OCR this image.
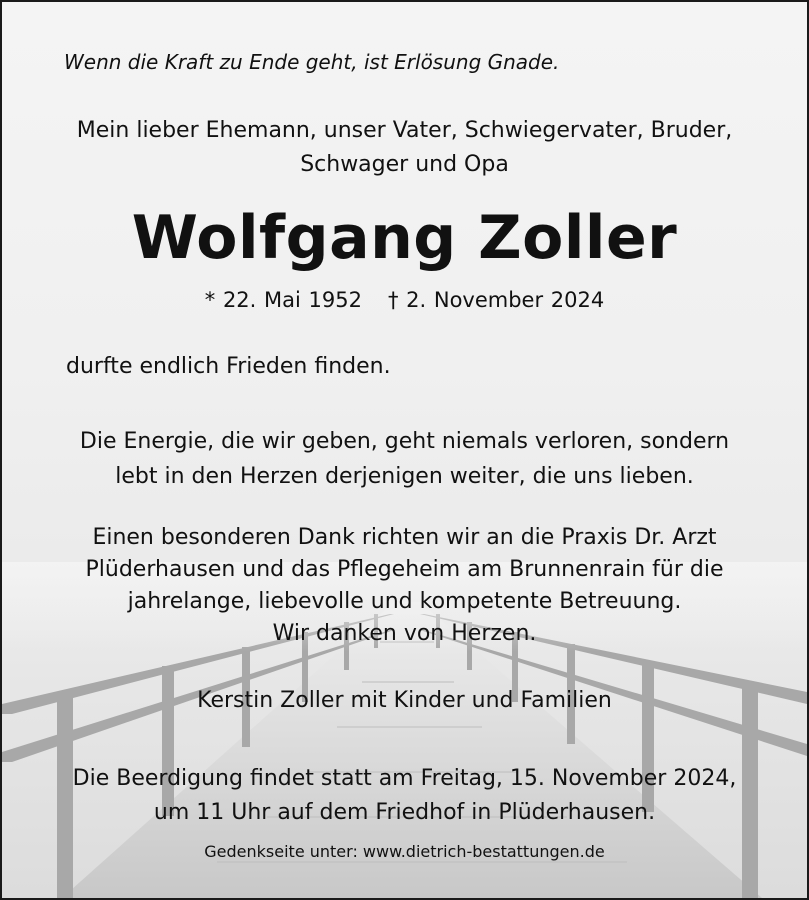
Wenn die Kraft zu Ende geht, ist Erlösung Gnade.
Mein lieber Ehemann, unser Vater, Schwiegervater, Bruder,
Schwager und Opa
Wolfgang Zoller
* 22. Mai 1952 † 2. November 2024
durfte endlich Frieden finden.
Die Energie, die wir geben, geht niemals verloren, sondern
lebt in den Herzen derjenigen weiter, die uns lieben.
Einen besonderen Dank richten wir an die Praxis Dr. Arzt
Plüderhausen und das Pflegeheim am Brunnenrain für die
jahrelange, liebevolle und kompetente Betreuung.
Wir danken von Herzen.
Kerstin Zoller mit Kinder und Familien
Die Beerdigung findet statt am Freitag, 15. November 2024,
um 11 Uhr auf dem Friedhof in Plüderhausen.
Gedenkseite unter: www.dietrich-bestattungen.de
